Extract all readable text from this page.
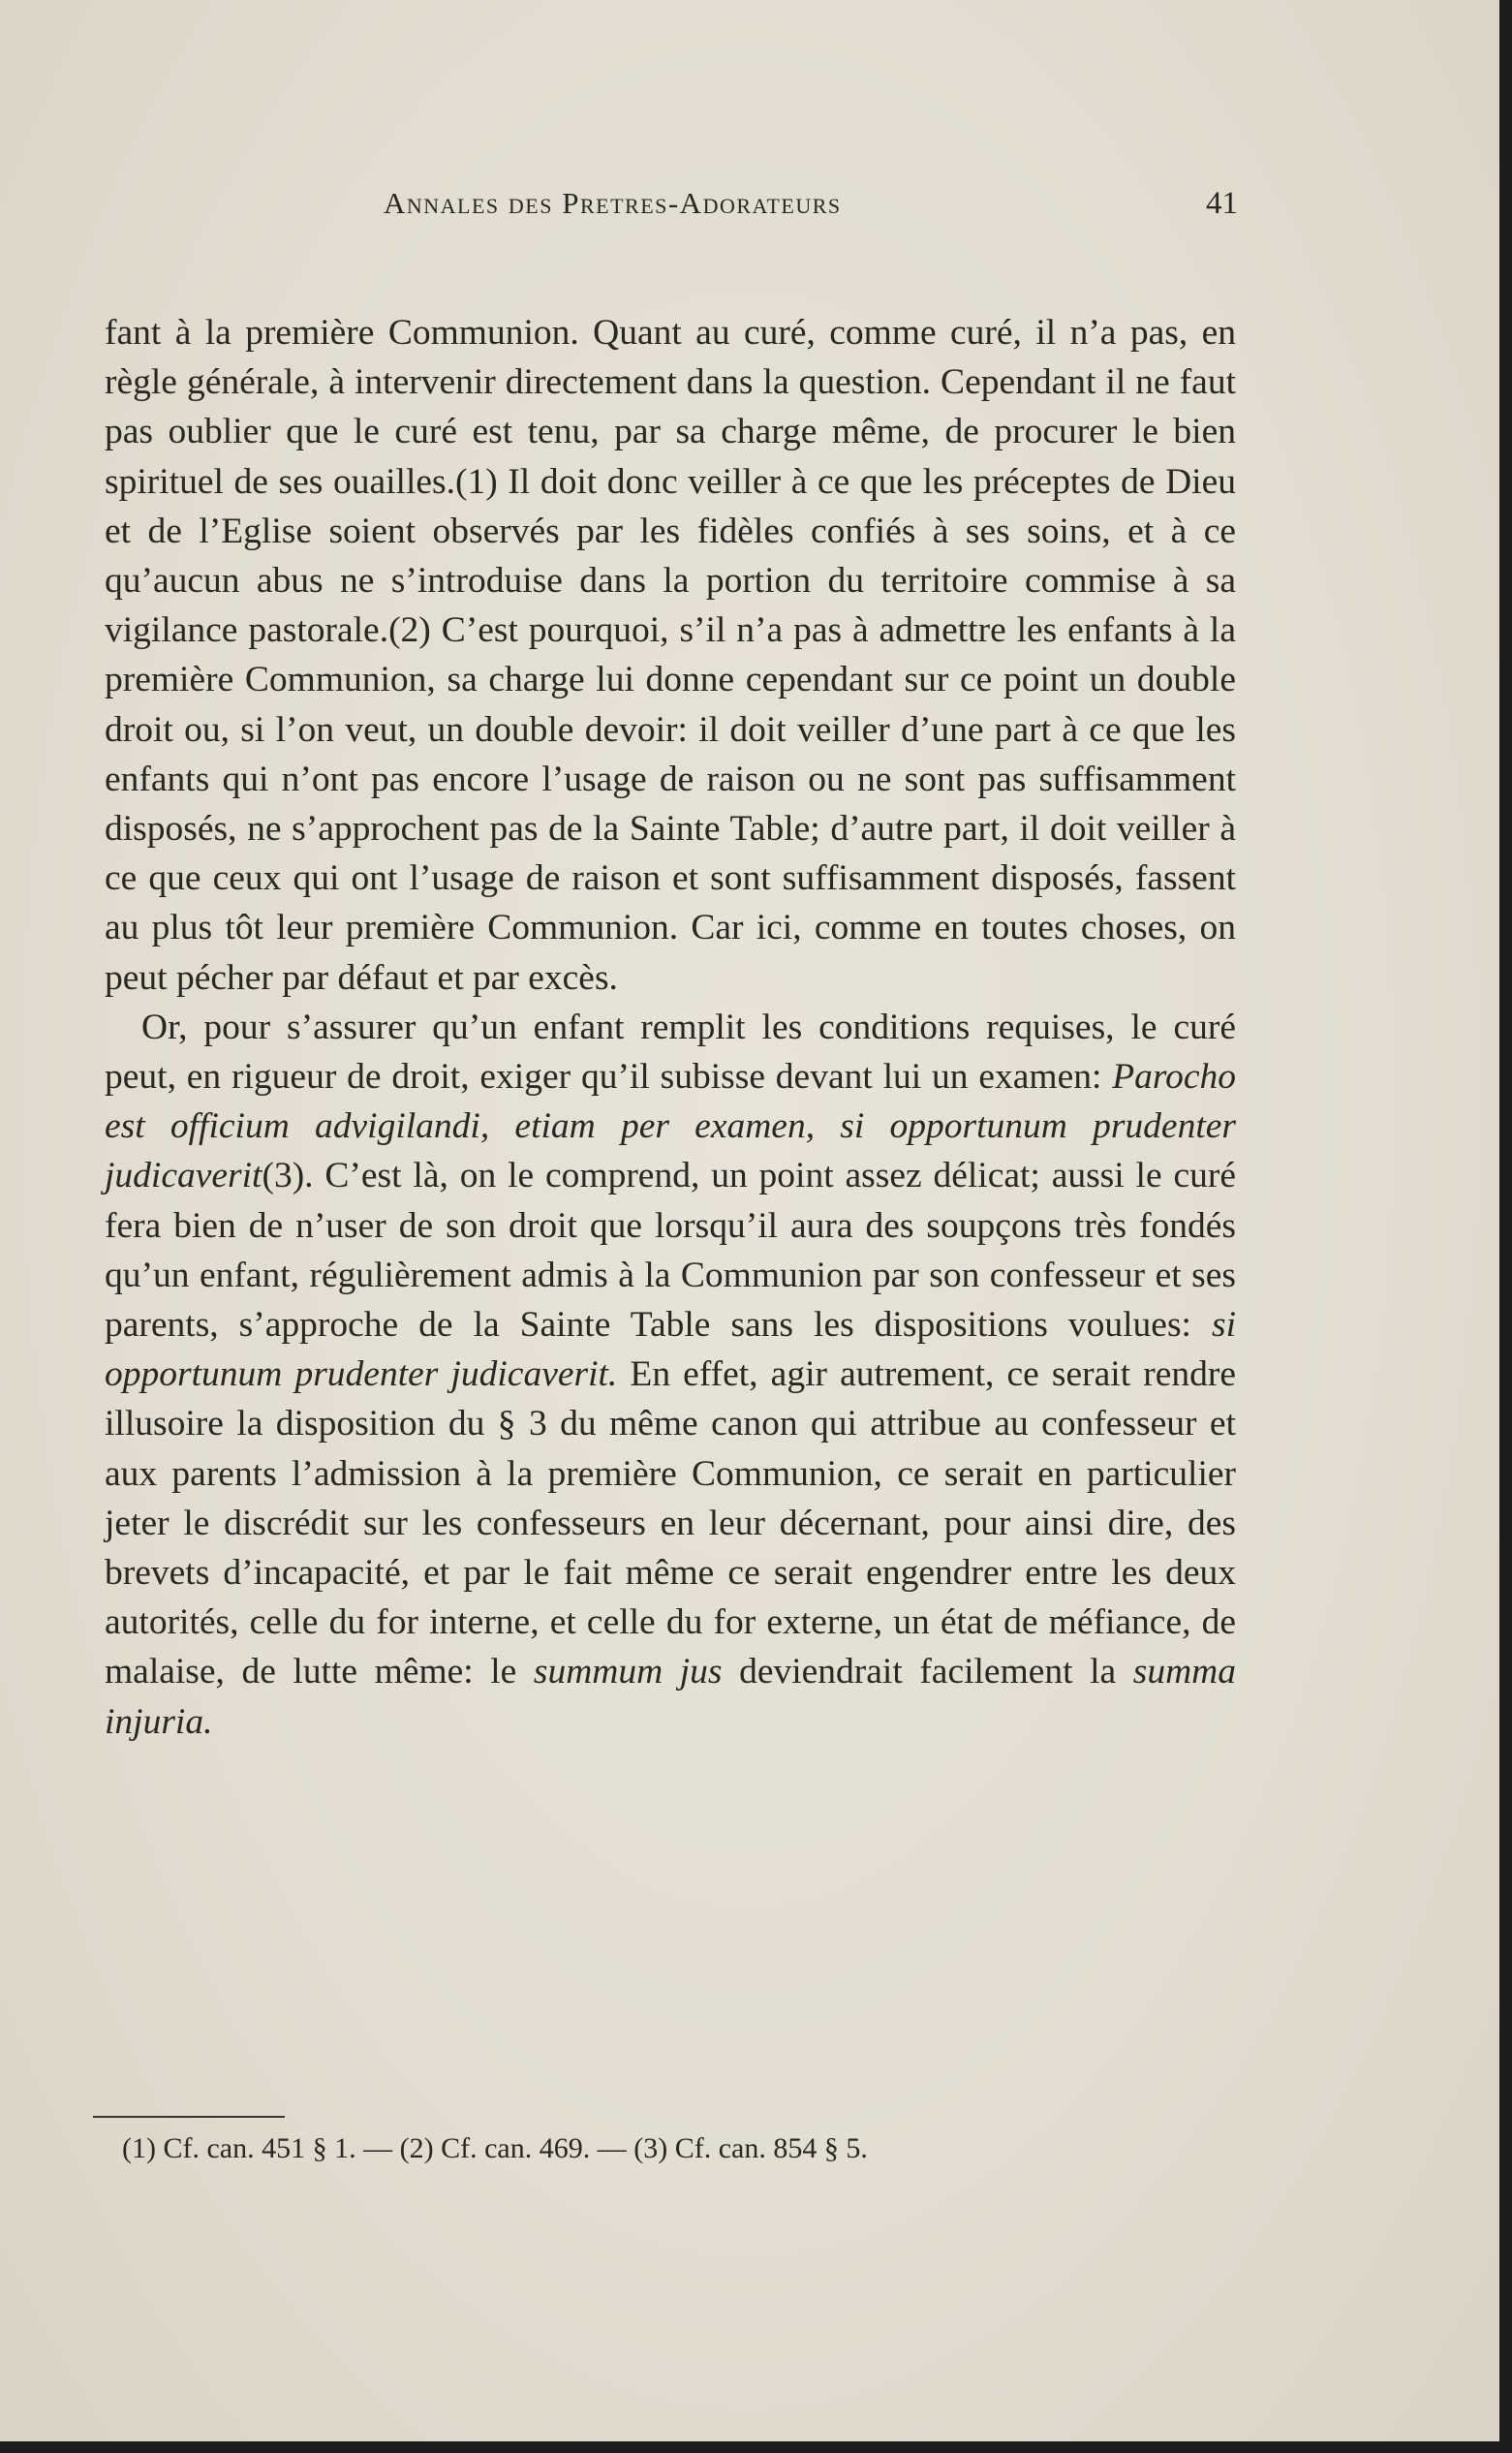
Annales des Pretres-Adorateurs	41

fant à la première Communion. Quant au curé, comme curé, il n’a pas, en règle générale, à intervenir directement dans la question. Cependant il ne faut pas oublier que le curé est tenu, par sa charge même, de procurer le bien spirituel de ses ouailles.(1) Il doit donc veiller à ce que les préceptes de Dieu et de l’Eglise soient observés par les fidèles confiés à ses soins, et à ce qu’aucun abus ne s’introduise dans la portion du territoire commise à sa vigilance pastorale.(2) C’est pourquoi, s’il n’a pas à admettre les enfants à la première Communion, sa charge lui donne cependant sur ce point un double droit ou, si l’on veut, un double devoir: il doit veiller d’une part à ce que les enfants qui n’ont pas encore l’usage de raison ou ne sont pas suffisamment disposés, ne s’approchent pas de la Sainte Table; d’autre part, il doit veiller à ce que ceux qui ont l’usage de raison et sont suffisamment disposés, fassent au plus tôt leur première Communion. Car ici, comme en toutes choses, on peut pécher par défaut et par excès.

Or, pour s’assurer qu’un enfant remplit les conditions requises, le curé peut, en rigueur de droit, exiger qu’il subisse devant lui un examen: Parocho est officium advigilandi, etiam per examen, si opportunum prudenter judicaverit(3). C’est là, on le comprend, un point assez délicat; aussi le curé fera bien de n’user de son droit que lorsqu’il aura des soupçons très fondés qu’un enfant, régulièrement admis à la Communion par son confesseur et ses parents, s’approche de la Sainte Table sans les dispositions voulues: si opportunum prudenter judicaverit. En effet, agir autrement, ce serait rendre illusoire la disposition du § 3 du même canon qui attribue au confesseur et aux parents l’admission à la première Communion, ce serait en particulier jeter le discrédit sur les confesseurs en leur décernant, pour ainsi dire, des brevets d’incapacité, et par le fait même ce serait engendrer entre les deux autorités, celle du for interne, et celle du for externe, un état de méfiance, de malaise, de lutte même: le summum jus deviendrait facilement la summa injuria.

(1) Cf. can. 451 § 1. — (2) Cf. can. 469. — (3) Cf. can. 854 § 5.
